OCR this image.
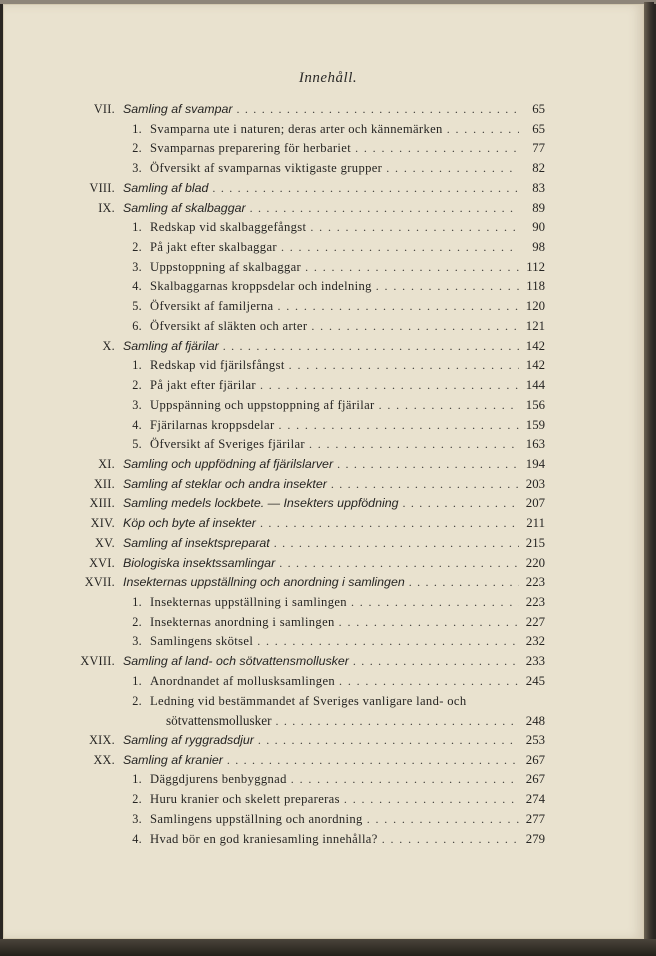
Innehåll.
VII. Samling af svampar . . .	65
1. Svamparna ute i naturen; deras arter och kännemärken . . .	65
2. Svamparnas preparering för herbariet . . .	77
3. Öfversikt af svamparnas viktigaste grupper . . .	82
VIII. Samling af blad . . .	83
IX. Samling af skalbaggar . . .	89
1. Redskap vid skalbaggefångst . . .	90
2. På jakt efter skalbaggar . . .	98
3. Uppstoppning af skalbaggar . . .	112
4. Skalbaggarnas kroppsdelar och indelning . . .	118
5. Öfversikt af familjerna . . .	120
6. Öfversikt af släkten och arter . . .	121
X. Samling af fjärilar . . .	142
1. Redskap vid fjärilsfångst . . .	142
2. På jakt efter fjärilar . . .	144
3. Uppspänning och uppstoppning af fjärilar . . .	156
4. Fjärilarnas kroppsdelar . . .	159
5. Öfversikt af Sveriges fjärilar . . .	163
XI. Samling och uppfödning af fjärilslarver . . .	194
XII. Samling af steklar och andra insekter . . .	203
XIII. Samling medels lockbete. — Insekters uppfödning . . .	207
XIV. Köp och byte af insekter . . .	211
XV. Samling af insektspreparat . . .	215
XVI. Biologiska insektssamlingar . . .	220
XVII. Insekternas uppställning och anordning i samlingen . . .	223
1. Insekternas uppställning i samlingen . . .	223
2. Insekternas anordning i samlingen . . .	227
3. Samlingens skötsel . . .	232
XVIII. Samling af land- och sötvattensmollusker . . .	233
1. Anordnandet af mollusksamlingen . . .	245
2. Ledning vid bestämmandet af Sveriges vanligare land- och
sötvattensmollusker . . .	248
XIX. Samling af ryggradsdjur . . .	253
XX. Samling af kranier . . .	267
1. Däggdjurens benbyggnad . . .	267
2. Huru kranier och skelett prepareras . . .	274
3. Samlingens uppställning och anordning . . .	277
4. Hvad bör en god kraniesamling innehålla? . . .	279
